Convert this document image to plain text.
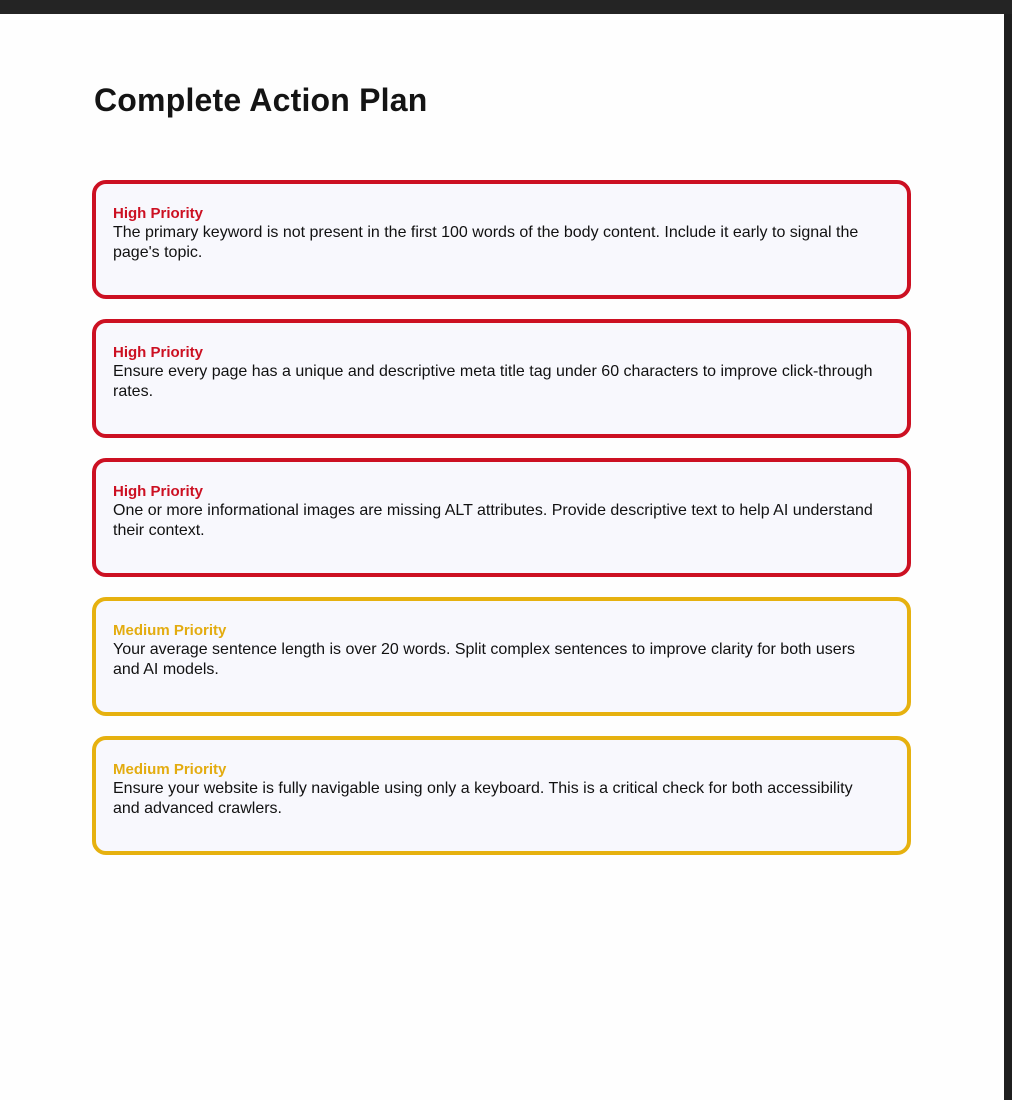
Complete Action Plan
High Priority
The primary keyword is not present in the first 100 words of the body content. Include it early to signal the page's topic.
High Priority
Ensure every page has a unique and descriptive meta title tag under 60 characters to improve click-through rates.
High Priority
One or more informational images are missing ALT attributes. Provide descriptive text to help AI understand their context.
Medium Priority
Your average sentence length is over 20 words. Split complex sentences to improve clarity for both users and AI models.
Medium Priority
Ensure your website is fully navigable using only a keyboard. This is a critical check for both accessibility and advanced crawlers.
